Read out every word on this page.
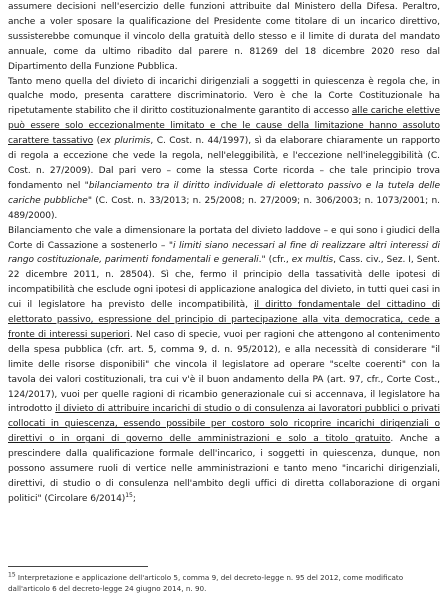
assumere decisioni nell'esercizio delle funzioni attribuite dal Ministero della Difesa. Peraltro, anche a voler sposare la qualificazione del Presidente come titolare di un incarico direttivo, sussisterebbe comunque il vincolo della gratuità dello stesso e il limite di durata del mandato annuale, come da ultimo ribadito dal parere n. 81269 del 18 dicembre 2020 reso dal Dipartimento della Funzione Pubblica.

Tanto meno quella del divieto di incarichi dirigenziali a soggetti in quiescenza è regola che, in qualche modo, presenta carattere discriminatorio. Vero è che la Corte Costituzionale ha ripetutamente stabilito che il diritto costituzionalmente garantito di accesso alle cariche elettive può essere solo eccezionalmente limitato e che le cause della limitazione hanno assoluto carattere tassativo (ex plurimis, C. Cost. n. 44/1997), sì da elaborare chiaramente un rapporto di regola a eccezione che vede la regola, nell'eleggibilità, e l'eccezione nell'ineleggibilità (C. Cost. n. 27/2009). Dal pari vero – come la stessa Corte ricorda – che tale principio trova fondamento nel "bilanciamento tra il diritto individuale di elettorato passivo e la tutela delle cariche pubbliche" (C. Cost. n. 33/2013; n. 25/2008; n. 27/2009; n. 306/2003; n. 1073/2001; n. 489/2000).

Bilanciamento che vale a dimensionare la portata del divieto laddove – e qui sono i giudici della Corte di Cassazione a sostenerlo – "i limiti siano necessari al fine di realizzare altri interessi di rango costituzionale, parimenti fondamentali e generali." (cfr., ex multis, Cass. civ., Sez. I, Sent. 22 dicembre 2011, n. 28504). Sì che, fermo il principio della tassatività delle ipotesi di incompatibilità che esclude ogni ipotesi di applicazione analogica del divieto, in tutti quei casi in cui il legislatore ha previsto delle incompatibilità, il diritto fondamentale del cittadino di elettorato passivo, espressione del principio di partecipazione alla vita democratica, cede a fronte di interessi superiori. Nel caso di specie, vuoi per ragioni che attengono al contenimento della spesa pubblica (cfr. art. 5, comma 9, d. n. 95/2012), e alla necessità di considerare "il limite delle risorse disponibili" che vincola il legislatore ad operare "scelte coerenti" con la tavola dei valori costituzionali, tra cui v'è il buon andamento della PA (art. 97, cfr., Corte Cost., 124/2017), vuoi per quelle ragioni di ricambio generazionale cui si accennava, il legislatore ha introdotto il divieto di attribuire incarichi di studio o di consulenza ai lavoratori pubblici o privati collocati in quiescenza, essendo possibile per costoro solo ricoprire incarichi dirigenziali o direttivi o in organi di governo delle amministrazioni e solo a titolo gratuito. Anche a prescindere dalla qualificazione formale dell'incarico, i soggetti in quiescenza, dunque, non possono assumere ruoli di vertice nelle amministrazioni e tanto meno "incarichi dirigenziali, direttivi, di studio o di consulenza nell'ambito degli uffici di diretta collaborazione di organi politici" (Circolare 6/2014)$^{15}$;

$^{15}$ Interpretazione e applicazione dell'articolo 5, comma 9, del decreto-legge n. 95 del 2012, come modificato dall'articolo 6 del decreto-legge 24 giugno 2014, n. 90.
